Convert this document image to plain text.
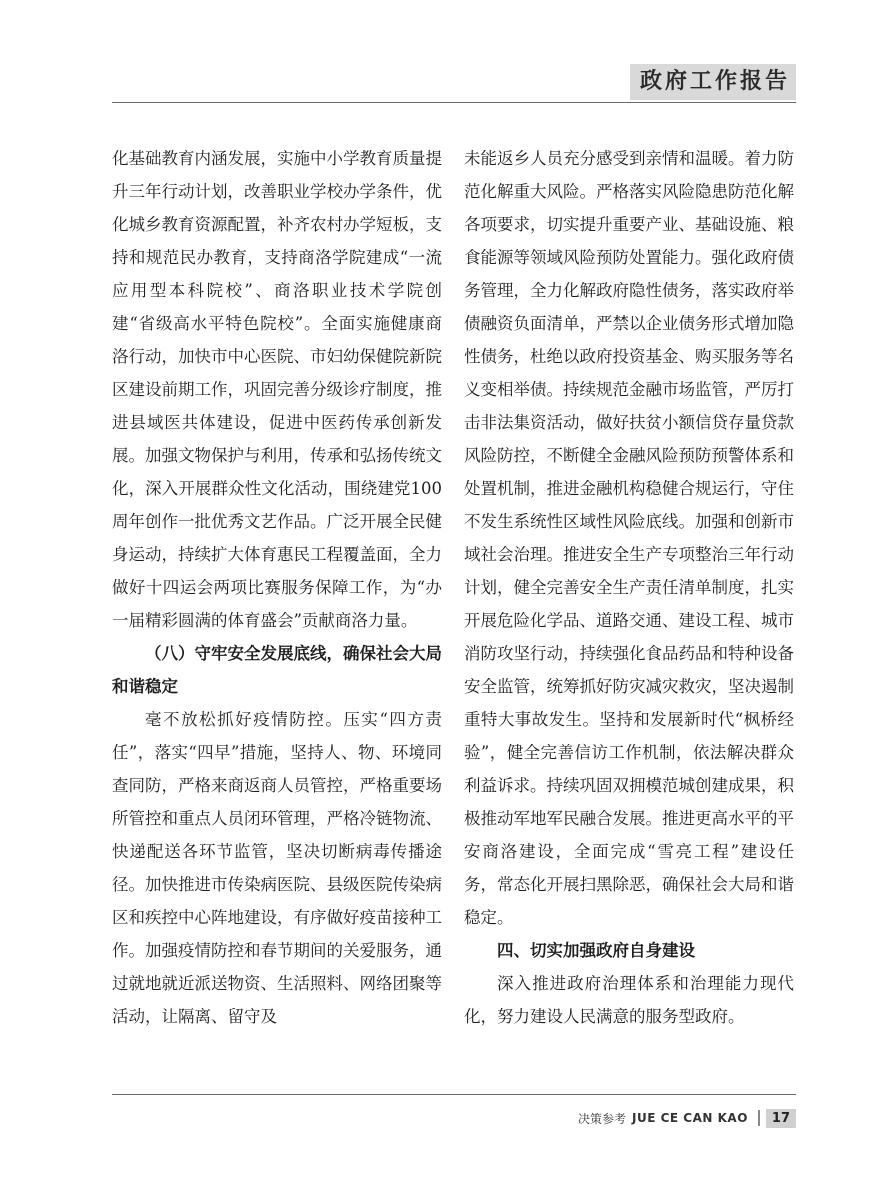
政府工作报告

化基础教育内涵发展，实施中小学教育质量提升三年行动计划，改善职业学校办学条件，优化城乡教育资源配置，补齐农村办学短板，支持和规范民办教育，支持商洛学院建成“一流应用型本科院校”、商洛职业技术学院创建“省级高水平特色院校”。全面实施健康商洛行动，加快市中心医院、市妇幼保健院新院区建设前期工作，巩固完善分级诊疗制度，推进县域医共体建设，促进中医药传承创新发展。加强文物保护与利用，传承和弘扬传统文化，深入开展群众性文化活动，围绕建党100周年创作一批优秀文艺作品。广泛开展全民健身运动，持续扩大体育惠民工程覆盖面，全力做好十四运会两项比赛服务保障工作，为“办一届精彩圆满的体育盛会”贡献商洛力量。

（八）守牢安全发展底线，确保社会大局和谐稳定

毫不放松抓好疫情防控。压实“四方责任”，落实“四早”措施，坚持人、物、环境同查同防，严格来商返商人员管控，严格重要场所管控和重点人员闭环管理，严格冷链物流、快递配送各环节监管，坚决切断病毒传播途径。加快推进市传染病医院、县级医院传染病区和疾控中心阵地建设，有序做好疫苗接种工作。加强疫情防控和春节期间的关爱服务，通过就地就近派送物资、生活照料、网络团聚等活动，让隔离、留守及

未能返乡人员充分感受到亲情和温暖。着力防范化解重大风险。严格落实风险隐患防范化解各项要求，切实提升重要产业、基础设施、粮食能源等领域风险预防处置能力。强化政府债务管理，全力化解政府隐性债务，落实政府举债融资负面清单，严禁以企业债务形式增加隐性债务，杜绝以政府投资基金、购买服务等名义变相举债。持续规范金融市场监管，严厉打击非法集资活动，做好扶贫小额信贷存量贷款风险防控，不断健全金融风险预防预警体系和处置机制，推进金融机构稳健合规运行，守住不发生系统性区域性风险底线。加强和创新市域社会治理。推进安全生产专项整治三年行动计划，健全完善安全生产责任清单制度，扎实开展危险化学品、道路交通、建设工程、城市消防攻坚行动，持续强化食品药品和特种设备安全监管，统筹抓好防灾减灾救灾，坚决遏制重特大事故发生。坚持和发展新时代“枫桥经验”，健全完善信访工作机制，依法解决群众利益诉求。持续巩固双拥模范城创建成果，积极推动军地军民融合发展。推进更高水平的平安商洛建设，全面完成“雪亮工程”建设任务，常态化开展扫黑除恶，确保社会大局和谐稳定。

四、切实加强政府自身建设

深入推进政府治理体系和治理能力现代化，努力建设人民满意的服务型政府。

决策参考 JUE CE CAN KAO	17
